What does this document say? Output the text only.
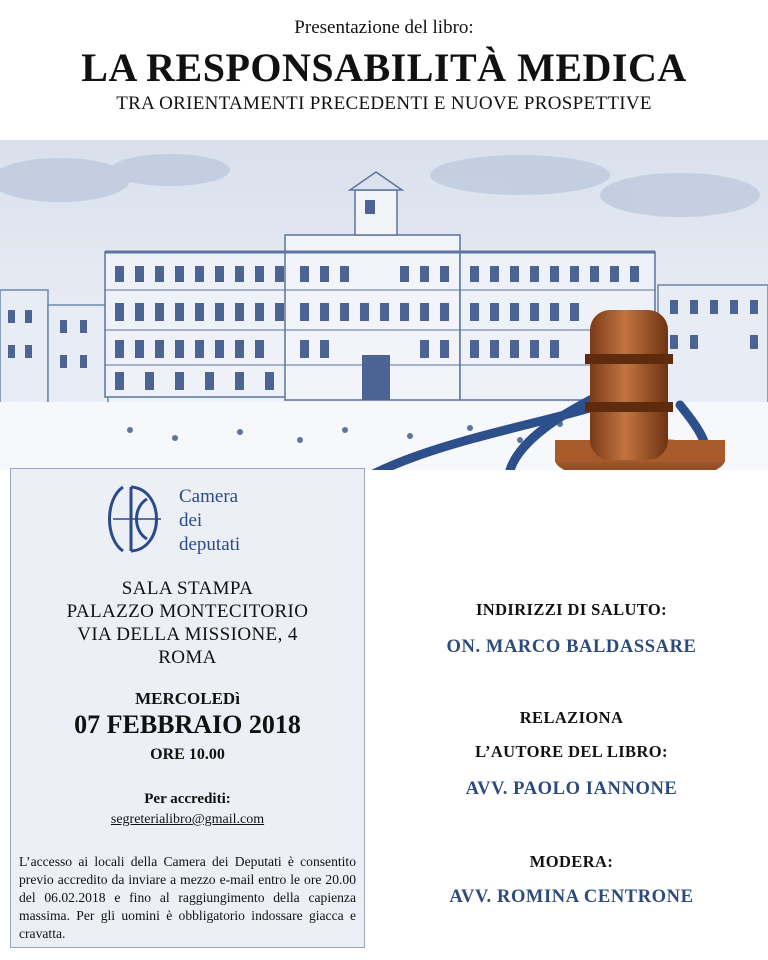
Presentazione del libro:
LA RESPONSABILITÀ MEDICA
TRA ORIENTAMENTI PRECEDENTI E NUOVE PROSPETTIVE
Camera
dei
deputati
SALA STAMPA
PALAZZO MONTECITORIO
VIA DELLA MISSIONE, 4
ROMA
MERCOLEDì
07 FEBBRAIO 2018
ORE 10.00
Per accrediti:
segreterialibro@gmail.com
L’accesso ai locali della Camera dei Deputati è consentito previo accredito da inviare a mezzo e-mail entro le ore 20.00 del 06.02.2018 e fino al raggiungimento della capienza massima. Per gli uomini è obbligatorio indossare giacca e cravatta.
INDIRIZZI DI SALUTO:
ON. MARCO BALDASSARE
RELAZIONA
L’AUTORE DEL LIBRO:
AVV. PAOLO IANNONE
MODERA:
AVV. ROMINA CENTRONE
